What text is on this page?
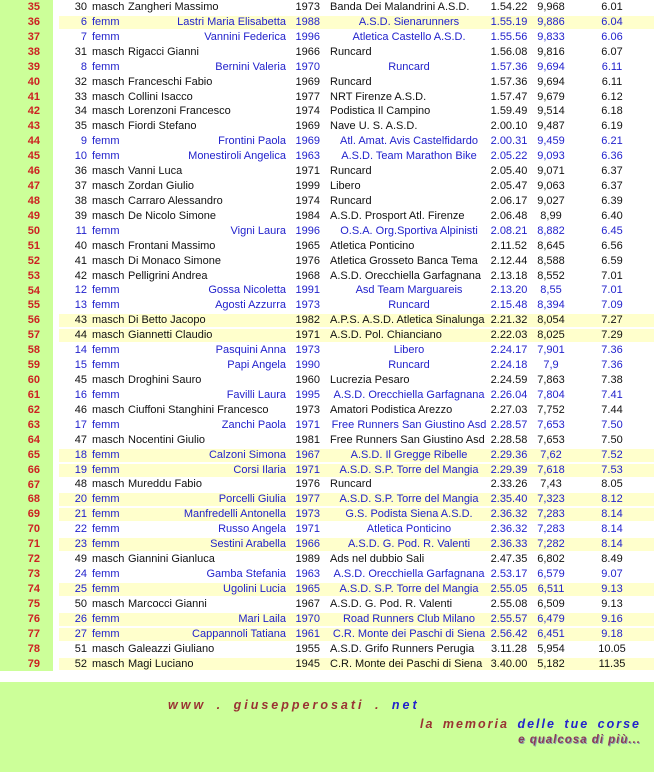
35	30 masch Zangheri Massimo	1973 Banda Dei Malandrini A.S.D.	1.54.22 9,968	6.01
36	6 femm	Lastri Maria Elisabetta 1988	A.S.D. Sienarunners	1.55.19 9,886	6.04
37	7 femm	Vannini Federica 1996	Atletica Castello A.S.D.	1.55.56 9,833	6.06
38	31 masch Rigacci Gianni	1966 Runcard	1.56.08 9,816	6.07
39	8 femm	Bernini Valeria 1970	Runcard	1.57.36 9,694	6.11
40	32 masch Franceschi Fabio	1969 Runcard	1.57.36 9,694	6.11
41	33 masch Collini Isacco	1977 NRT Firenze A.S.D.	1.57.47 9,679	6.12
42	34 masch Lorenzoni Francesco	1974 Podistica Il Campino	1.59.49 9,514	6.18
43	35 masch Fiordi Stefano	1969 Nave U. S. A.S.D.	2.00.10 9,487	6.19
44	9 femm	Frontini Paola 1969	Atl. Amat. Avis Castelfidardo	2.00.31 9,459	6.21
45	10 femm	Monestiroli Angelica 1963	A.S.D. Team Marathon Bike	2.05.22 9,093	6.36
46	36 masch Vanni Luca	1971 Runcard	2.05.40 9,071	6.37
47	37 masch Zordan Giulio	1999 Libero	2.05.47 9,063	6.37
48	38 masch Carraro Alessandro	1974 Runcard	2.06.17 9,027	6.39
49	39 masch De Nicolo Simone	1984 A.S.D. Prosport Atl. Firenze	2.06.48	8,99	6.40
50	11 femm	Vigni Laura 1996	O.S.A. Org.Sportiva Alpinisti	2.08.21 8,882	6.45
51	40 masch Frontani Massimo	1965 Atletica Ponticino	2.11.52 8,645	6.56
52	41 masch Di Monaco Simone	1976 Atletica Grosseto Banca Tema	2.12.44 8,588	6.59
53	42 masch Pelligrini Andrea	1968 A.S.D. Orecchiella Garfagnana 2.13.18 8,552	7.01
54	12 femm	Gossa Nicoletta 1991	Asd Team Marguareis	2.13.20	8,55	7.01
55	13 femm	Agosti Azzurra 1973	Runcard	2.15.48 8,394	7.09
56	43 masch Di Betto Jacopo	1982 A.P.S. A.S.D. Atletica Sinalunga 2.21.32 8,054	7.27
57	44 masch Giannetti Claudio	1971 A.S.D. Pol. Chianciano	2.22.03 8,025	7.29
58	14 femm	Pasquini Anna 1973	Libero	2.24.17 7,901	7.36
59	15 femm	Papi Angela 1990	Runcard	2.24.18	7,9	7.36
60	45 masch Droghini Sauro	1960 Lucrezia Pesaro	2.24.59 7,863	7.38
61	16 femm	Favilli Laura 1995	A.S.D. Orecchiella Garfagnana 2.26.04 7,804	7.41
62	46 masch Ciuffoni Stanghini Francesco	1973 Amatori Podistica Arezzo	2.27.03 7,752	7.44
63	17 femm	Zanchi Paola 1971	Free Runners San Giustino Asd 2.28.57 7,653	7.50
64	47 masch Nocentini Giulio	1981 Free Runners San Giustino Asd 2.28.58 7,653	7.50
65	18 femm	Calzoni Simona 1967	A.S.D. Il Gregge Ribelle	2.29.36	7,62	7.52
66	19 femm	Corsi Ilaria 1971	A.S.D. S.P. Torre del Mangia	2.29.39 7,618	7.53
67	48 masch Mureddu Fabio	1976 Runcard	2.33.26	7,43	8.05
68	20 femm	Porcelli Giulia 1977	A.S.D. S.P. Torre del Mangia	2.35.40 7,323	8.12
69	21 femm	Manfredelli Antonella 1973	G.S. Podista Siena A.S.D.	2.36.32 7,283	8.14
70	22 femm	Russo Angela 1971	Atletica Ponticino	2.36.32 7,283	8.14
71	23 femm	Sestini Arabella 1966	A.S.D. G. Pod. R. Valenti	2.36.33 7,282	8.14
72	49 masch Giannini Gianluca	1989 Ads nel dubbio Sali	2.47.35 6,802	8.49
73	24 femm	Gamba Stefania 1963	A.S.D. Orecchiella Garfagnana 2.53.17 6,579	9.07
74	25 femm	Ugolini Lucia 1965	A.S.D. S.P. Torre del Mangia	2.55.05 6,511	9.13
75	50 masch Marcocci Gianni	1967 A.S.D. G. Pod. R. Valenti	2.55.08 6,509	9.13
76	26 femm	Mari Laila 1970	Road Runners Club Milano	2.55.57 6,479	9.16
77	27 femm	Cappannoli Tatiana 1961	C.R. Monte dei Paschi di Siena 2.56.42 6,451	9.18
78	51 masch Galeazzi Giuliano	1955 A.S.D. Grifo Runners Perugia	3.11.28 5,954	10.05
79	52 masch Magi Luciano	1945 C.R. Monte dei Paschi di Siena 3.40.00 5,182	11.35
www . giusepperosati . net
la memoria delle tue corse
e qualcosa di più...
